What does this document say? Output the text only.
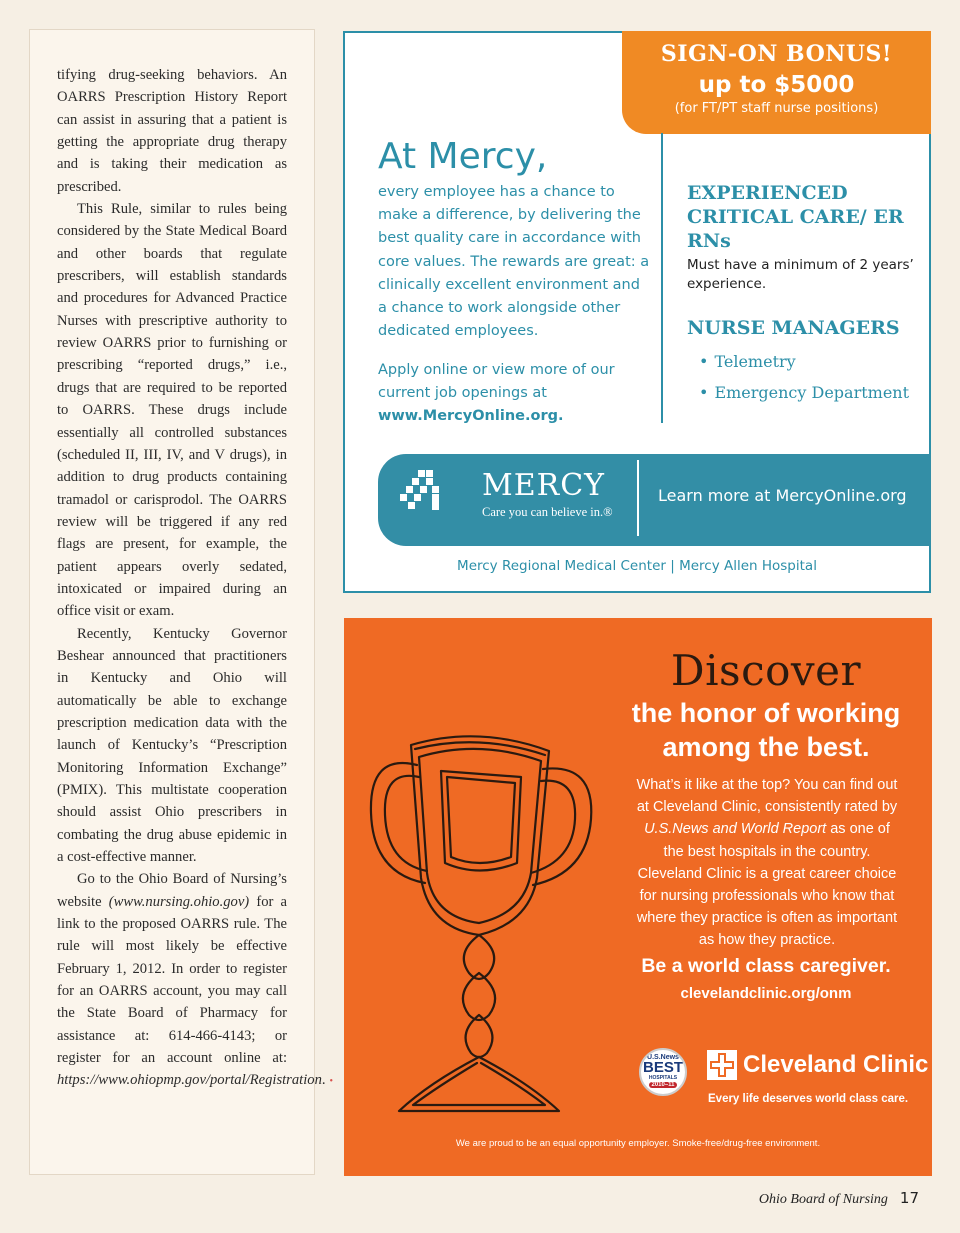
tifying drug-seeking behaviors. An OARRS Prescription History Report can assist in assuring that a patient is getting the appropriate drug therapy and is taking their medication as prescribed.

This Rule, similar to rules being considered by the State Medical Board and other boards that regulate prescribers, will establish standards and procedures for Advanced Practice Nurses with prescriptive authority to review OARRS prior to furnishing or prescribing “reported drugs,” i.e., drugs that are required to be reported to OARRS. These drugs include essentially all controlled substances (scheduled II, III, IV, and V drugs), in addition to drug products containing tramadol or carisprodol. The OARRS review will be triggered if any red flags are present, for example, the patient appears overly sedated, intoxicated or impaired during an office visit or exam.

Recently, Kentucky Governor Beshear announced that practitioners in Kentucky and Ohio will automatically be able to exchange prescription medication data with the launch of Kentucky’s “Prescription Monitoring Information Exchange” (PMIX). This multistate cooperation should assist Ohio prescribers in combating the drug abuse epidemic in a cost-effective manner.

Go to the Ohio Board of Nursing’s website (www.nursing.ohio.gov) for a link to the proposed OARRS rule. The rule will most likely be effective February 1, 2012. In order to register for an OARRS account, you may call the State Board of Pharmacy for assistance at: 614-466-4143; or register for an account online at: https://www.ohiopmp.gov/portal/Registration. •

SIGN-ON BONUS!
up to $5000
(for FT/PT staff nurse positions)
At Mercy,
every employee has a chance to make a difference, by delivering the best quality care in accordance with core values. The rewards are great: a clinically excellent environment and a chance to work alongside other dedicated employees.
Apply online or view more of our current job openings at www.MercyOnline.org.
EXPERIENCED CRITICAL CARE/ ER RNs
Must have a minimum of 2 years’ experience.
NURSE MANAGERS
• Telemetry
• Emergency Department
MERCY
Care you can believe in.®
Learn more at MercyOnline.org
Mercy Regional Medical Center | Mercy Allen Hospital
Discover
the honor of working among the best.
What’s it like at the top? You can find out at Cleveland Clinic, consistently rated by U.S.News and World Report as one of the best hospitals in the country. Cleveland Clinic is a great career choice for nursing professionals who know that where they practice is often as important as how they practice.
Be a world class caregiver.
clevelandclinic.org/onm
U.S.News
BEST
HOSPITALS
2010–11
Cleveland Clinic
Every life deserves world class care.
We are proud to be an equal opportunity employer. Smoke-free/drug-free environment.
Ohio Board of Nursing 17
